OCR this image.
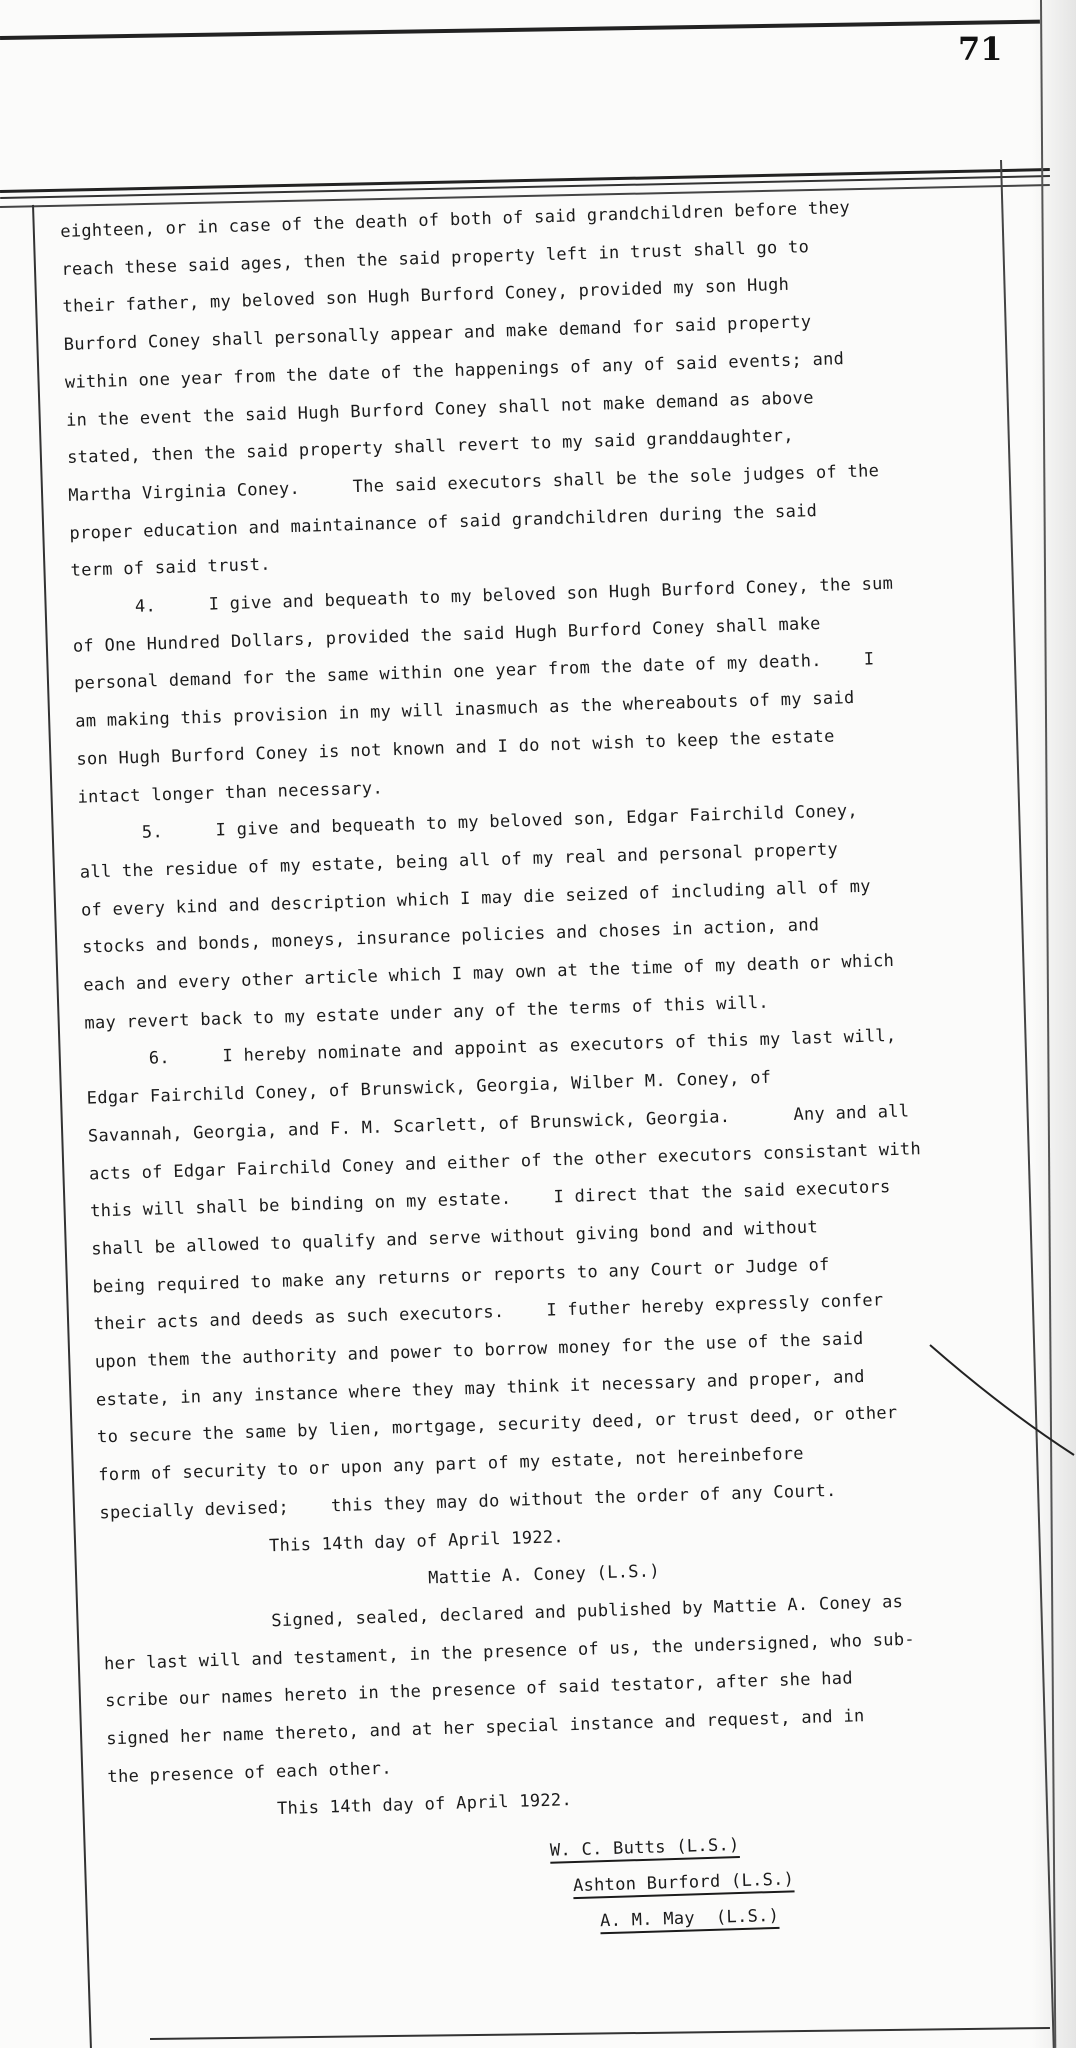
71
eighteen, or in case of the death of both of said grandchildren before they
reach these said ages, then the said property left in trust shall go to
their father, my beloved son Hugh Burford Coney, provided my son Hugh
Burford Coney shall personally appear and make demand for said property
within one year from the date of the happenings of any of said events; and
in the event the said Hugh Burford Coney shall not make demand as above
stated, then the said property shall revert to my said granddaughter,
Martha Virginia Coney.     The said executors shall be the sole judges of the
proper education and maintainance of said grandchildren during the said
term of said trust.
4.     I give and bequeath to my beloved son Hugh Burford Coney, the sum
of One Hundred Dollars, provided the said Hugh Burford Coney shall make
personal demand for the same within one year from the date of my death.    I
am making this provision in my will inasmuch as the whereabouts of my said
son Hugh Burford Coney is not known and I do not wish to keep the estate
intact longer than necessary.
5.     I give and bequeath to my beloved son, Edgar Fairchild Coney,
all the residue of my estate, being all of my real and personal property
of every kind and description which I may die seized of including all of my
stocks and bonds, moneys, insurance policies and choses in action, and
each and every other article which I may own at the time of my death or which
may revert back to my estate under any of the terms of this will.
6.     I hereby nominate and appoint as executors of this my last will,
Edgar Fairchild Coney, of Brunswick, Georgia, Wilber M. Coney, of
Savannah, Georgia, and F. M. Scarlett, of Brunswick, Georgia.      Any and all
acts of Edgar Fairchild Coney and either of the other executors consistant with
this will shall be binding on my estate.    I direct that the said executors
shall be allowed to qualify and serve without giving bond and without
being required to make any returns or reports to any Court or Judge of
their acts and deeds as such executors.    I futher hereby expressly confer
upon them the authority and power to borrow money for the use of the said
estate, in any instance where they may think it necessary and proper, and
to secure the same by lien, mortgage, security deed, or trust deed, or other
form of security to or upon any part of my estate, not hereinbefore
specially devised;    this they may do without the order of any Court.
This 14th day of April 1922.
Mattie A. Coney (L.S.)
Signed, sealed, declared and published by Mattie A. Coney as
her last will and testament, in the presence of us, the undersigned, who sub-
scribe our names hereto in the presence of said testator, after she had
signed her name thereto, and at her special instance and request, and in
the presence of each other.
This 14th day of April 1922.
W. C. Butts (L.S.)
Ashton Burford (L.S.)
A. M. May  (L.S.)
